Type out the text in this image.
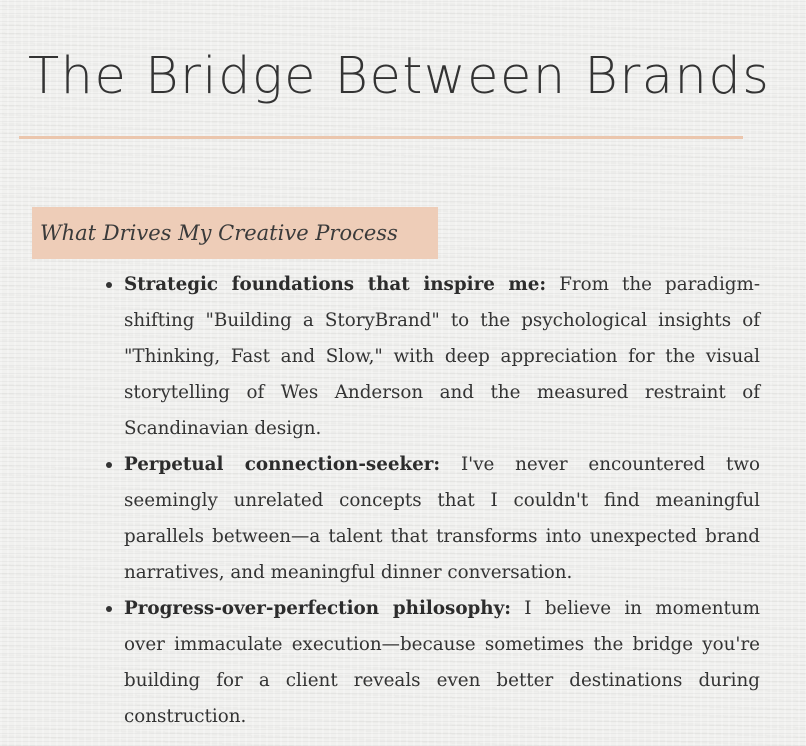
The Bridge Between Brands
What Drives My Creative Process
Strategic foundations that inspire me: From the paradigm-shifting "Building a StoryBrand" to the psychological insights of "Thinking, Fast and Slow," with deep appreciation for the visual storytelling of Wes Anderson and the measured restraint of Scandinavian design.
Perpetual connection-seeker: I've never encountered two seemingly unrelated concepts that I couldn't find meaningful parallels between—a talent that transforms into unexpected brand narratives, and meaningful dinner conversation.
Progress-over-perfection philosophy: I believe in momentum over immaculate execution—because sometimes the bridge you're building for a client reveals even better destinations during construction.
